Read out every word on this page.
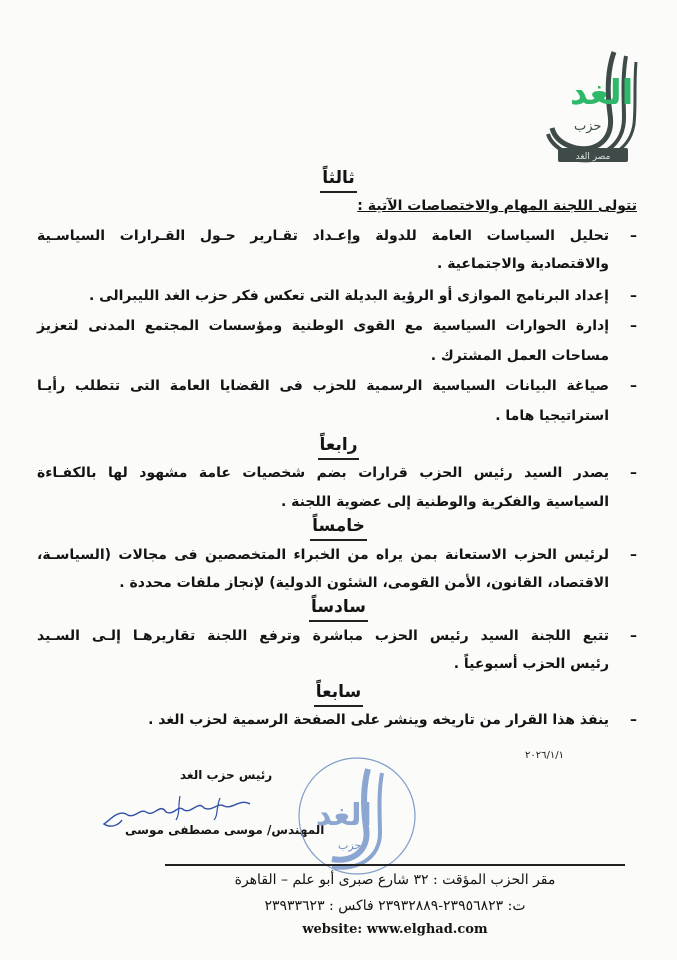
الغد
حزب
مصر الغد
ثالثاً
تتولى اللجنة المهام والاختصاصات الآتية :
–تحليل السياسات العامة للدولة وإعـداد تقـارير حـول القـرارات السياسـية
والاقتصادية والاجتماعية .
–إعداد البرنامج الموازى أو الرؤية البديلة التى تعكس فكر حزب الغد الليبرالى .
–إدارة الحوارات السياسية مع القوى الوطنية ومؤسسات المجتمع المدنى لتعزيز
مساحات العمل المشترك .
–صياغة البيانات السياسية الرسمية للحزب فى القضايا العامة التى تتطلب رأيـا
استراتيجيا هاما .
رابعاً
–يصدر السيد رئيس الحزب قرارات بضم شخصيات عامة مشهود لها بالكفـاءة
السياسية والفكرية والوطنية إلى عضوية اللجنة .
خامساً
–لرئيس الحزب الاستعانة بمن يراه من الخبراء المتخصصين فى مجالات (السياسـة،
الاقتصاد، القانون، الأمن القومى، الشئون الدولية) لإنجاز ملفات محددة .
سادساً
–تتبع اللجنة السيد رئيس الحزب مباشرة وترفع اللجنة تقاريرهـا إلـى السـيد
رئيس الحزب أسبوعياً .
سابعاً
–ينفذ هذا القرار من تاريخه وينشر على الصفحة الرسمية لحزب الغد .
٢٠٢٦/١/١
رئيس حزب الغد
المهندس/ موسى مصطفى موسى
الغد
حزب
مقر الحزب المؤقت : ٣٢ شارع صبرى أبو علم – القاهرة
ت: ٢٣٩٥٦٨٢٣-٢٣٩٣٢٨٨٩ فاكس : ٢٣٩٣٣٦٢٣
website: www.elghad.com
